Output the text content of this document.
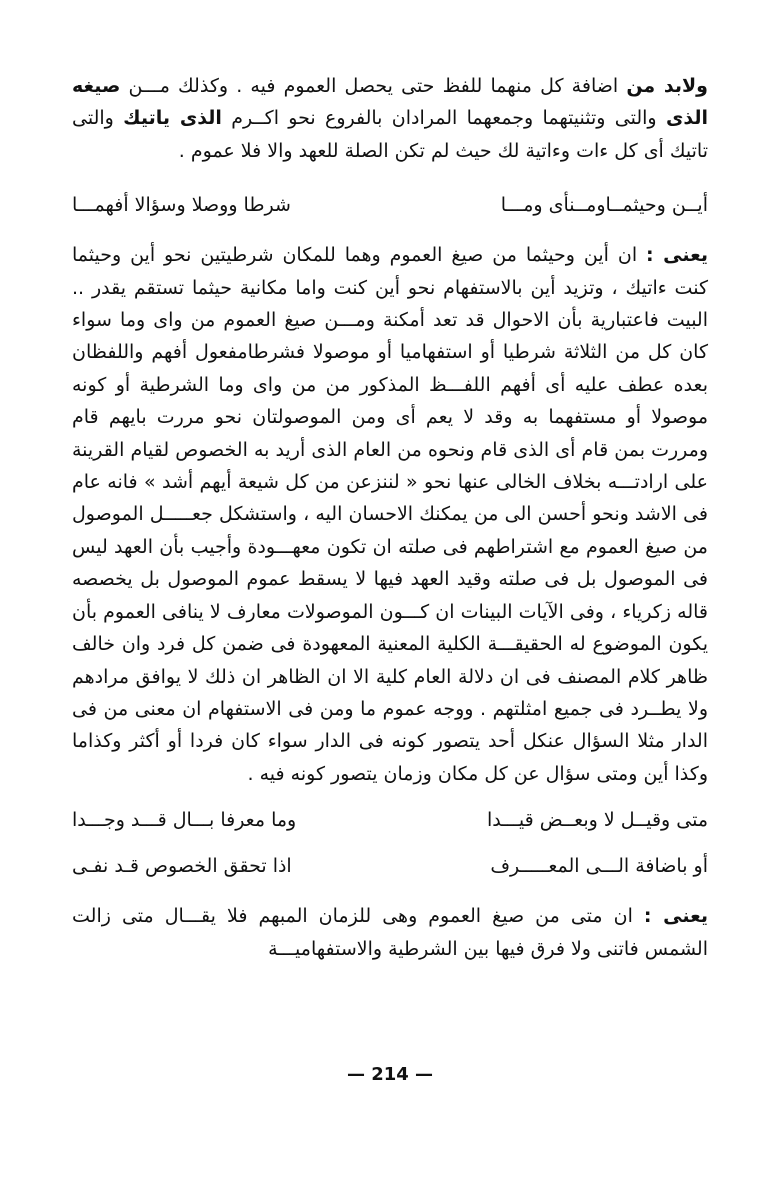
ولابد من اضافة كل منهما للفظ حتى يحصل العموم فيه . وكذلك مـــن صيغه الذى والتى وتثنيتهما وجمعهما المرادان بالفروع نحو اكــرم الذى ياتيك والتى تاتيك أى كل ءات وءاتية لك حيث لم تكن الصلة للعهد والا فلا عموم .

أيــن وحيثمــاومــنأى ومـــا
شرطا ووصلا وسؤالا أفهمـــا

يعنى : ان أين وحيثما من صيغ العموم وهما للمكان شرطيتين نحو أين وحيثما كنت ءاتيك ، وتزيد أين بالاستفهام نحو أين كنت واما مكانية حيثما تستقم يقدر .. البيت فاعتبارية بأن الاحوال قد تعد أمكنة ومـــن صيغ العموم من واى وما سواء كان كل من الثلاثة شرطيا أو استفهاميا أو موصولا فشرطامفعول أفهم واللفظان بعده عطف عليه أى أفهم اللفـــظ المذكور من من واى وما الشرطية أو كونه موصولا أو مستفهما به وقد لا يعم أى ومن الموصولتان نحو مررت بايهم قام ومررت بمن قام أى الذى قام ونحوه من العام الذى أريد به الخصوص لقيام القرينة على ارادتـــه بخلاف الخالى عنها نحو « لننزعن من كل شيعة أيهم أشد » فانه عام فى الاشد ونحو أحسن الى من يمكنك الاحسان اليه ، واستشكل جعـــــل الموصول من صيغ العموم مع اشتراطهم فى صلته ان تكون معهـــودة وأجيب بأن العهد ليس فى الموصول بل فى صلته وقيد العهد فيها لا يسقط عموم الموصول بل يخصصه قاله زكرياء ، وفى الآيات البينات ان كـــون الموصولات معارف لا ينافى العموم بأن يكون الموضوع له الحقيقـــة الكلية المعنية المعهودة فى ضمن كل فرد وان خالف ظاهر كلام المصنف فى ان دلالة العام كلية الا ان الظاهر ان ذلك لا يوافق مرادهم ولا يطــرد فى جميع امثلتهم . ووجه عموم ما ومن فى الاستفهام ان معنى من فى الدار مثلا السؤال عنكل أحد يتصور كونه فى الدار سواء كان فردا أو أكثر وكذاما وكذا أين ومتى سؤال عن كل مكان وزمان يتصور كونه فيه .

متى وقيــل لا وبعــض قيـــدا
وما معرفا بـــال قـــد وجـــدا
أو باضافة الـــى المعـــــرف
اذا تحقق الخصوص قـد نفـى

يعنى : ان متى من صيغ العموم وهى للزمان المبهم فلا يقـــال متى زالت الشمس فاتنى ولا فرق فيها بين الشرطية والاستفهاميـــة

— 214 —
